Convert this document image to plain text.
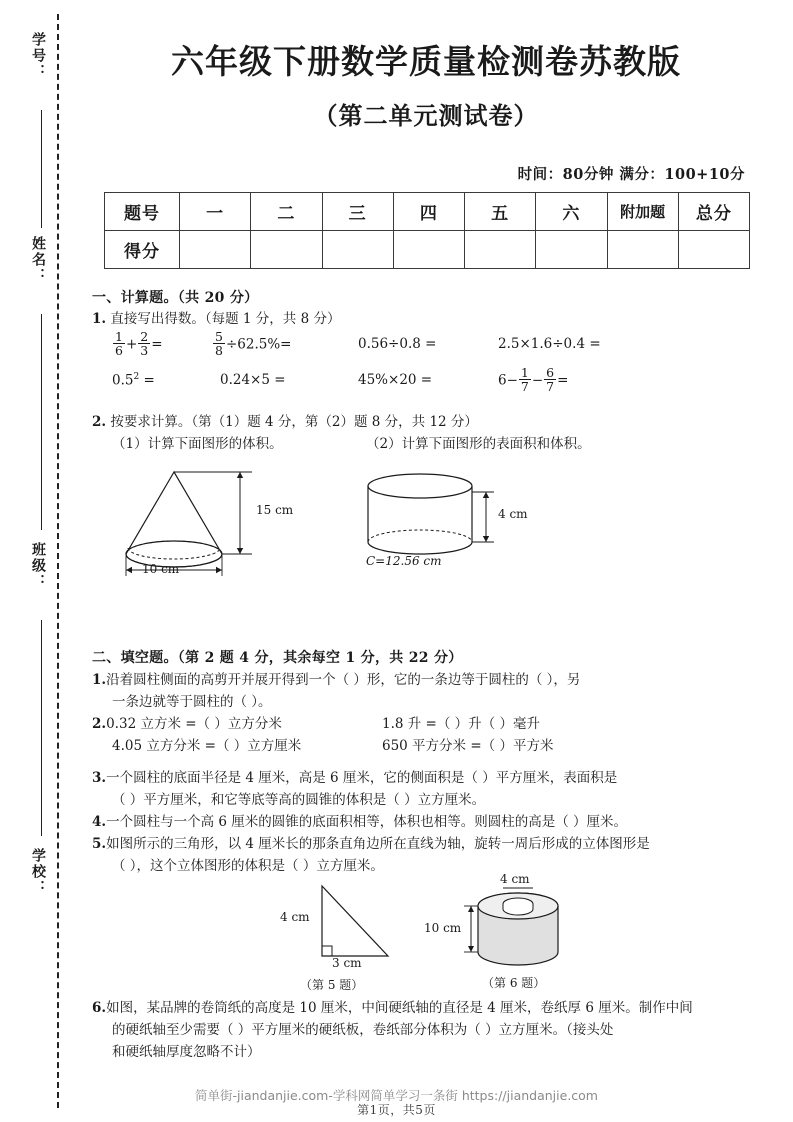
学号：
姓名：
班级：
学校：
六年级下册数学质量检测卷苏教版
（第二单元测试卷）
时间：80分钟 满分：100+10分
题号	一	二	三	四	五	六	附加题	总分
得分								
一、计算题。（共 20 分）
1. 直接写出得数。（每题 1 分，共 8 分）
$\frac{1}{6} + \frac{2}{3}$ =	$\frac{5}{8} \div 62.5\%=$	0.56÷0.8 =	2.5×1.6÷0.4 =
$0.5^2$ =	0.24×5 =	45%×20 =	$6- \frac{1}{7} - \frac{6}{7}$ =
2. 按要求计算。（第（1）题 4 分，第（2）题 8 分，共 12 分）
（1）计算下面图形的体积。	（2）计算下面图形的表面积和体积。
15 cm
10 cm
4 cm
C=12.56 cm
二、填空题。（第 2 题 4 分，其余每空 1 分，共 22 分）
1.沿着圆柱侧面的高剪开并展开得到一个（ ）形，它的一条边等于圆柱的（ ），另
一条边就等于圆柱的（ ）。
2.0.32 立方米 =（ ）立方分米	1.8 升 =（ ）升（ ）毫升
4.05 立方分米 =（ ）立方厘米	650 平方分米 =（ ）平方米
3.一个圆柱的底面半径是 4 厘米，高是 6 厘米，它的侧面积是（ ）平方厘米，表面积是
（ ）平方厘米，和它等底等高的圆锥的体积是（ ）立方厘米。
4.一个圆柱与一个高 6 厘米的圆锥的底面积相等，体积也相等。则圆柱的高是（ ）厘米。
5.如图所示的三角形，以 4 厘米长的那条直角边所在直线为轴，旋转一周后形成的立体图形是
（ ），这个立体图形的体积是（ ）立方厘米。
4 cm
3 cm
（第 5 题）
4 cm
10 cm
（第 6 题）
6.如图，某品牌的卷筒纸的高度是 10 厘米，中间硬纸轴的直径是 4 厘米，卷纸厚 6 厘米。制作中间
的硬纸轴至少需要（ ）平方厘米的硬纸板，卷纸部分体积为（ ）立方厘米。（接头处
和硬纸轴厚度忽略不计）
简单街-jiandanjie.com-学科网简单学习一条街 https://jiandanjie.com
第1页，共5页
